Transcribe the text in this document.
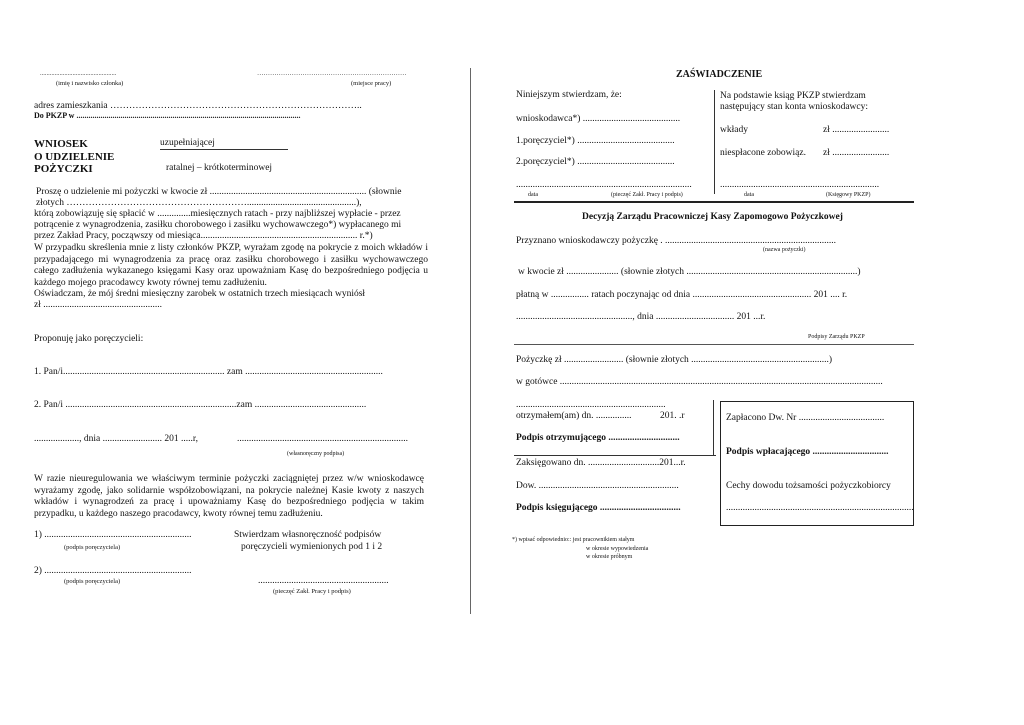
...............................................	……………………………………………………………
(imię i nazwisko członka)	(miejsce pracy)
adres zamieszkania ……………………………………………………………………..
Do PKZP w ................................................................................................................
WNIOSEK
O UDZIELENIE
POŻYCZKI
uzupełniającej
ratalnej – krótkoterminowej
Proszę o udzielenie mi pożyczki w kwocie zł .................................................................. (słownie
złotych …………………………………………………..............................................),
którą zobowiązuję się spłacić w ..............miesięcznych ratach - przy najbliższej wypłacie - przez
potrącenie z wynagrodzenia, zasiłku chorobowego i zasiłku wychowawczego*) wypłacanego mi
przez Zakład Pracy, począwszy od miesiąca.................................................................. r.*)
W przypadku skreślenia mnie z listy członków PKZP, wyrażam zgodę na pokrycie z moich wkładów i przypadającego mi wynagrodzenia za pracę oraz zasiłku chorobowego i zasiłku wychowawczego całego zadłużenia wykazanego księgami Kasy oraz upoważniam Kasę do bezpośredniego podjęcia u każdego mojego pracodawcy kwoty równej temu zadłużeniu.
Oświadczam, że mój średni miesięczny zarobek w ostatnich trzech miesiącach wyniósł
zł ..................................................
Proponuję jako poręczycieli:
1. Pan/i.................................................................... zam ..........................................................
2. Pan/i ........................................................................zam ...............................................
..................., dnia ......................... 201 .....r,	........................................................................
(własnoręczny podpisa)
W razie nieuregulowania we właściwym terminie pożyczki zaciągniętej przez w/w wnioskodawcę wyrażamy zgodę, jako solidarnie współzobowiązani, na pokrycie należnej Kasie kwoty z naszych wkładów i wynagrodzeń za pracę i upoważniamy Kasę do bezpośredniego podjęcia w takim przypadku, u każdego naszego pracodawcy, kwoty równej temu zadłużeniu.
1) ..............................................................
(podpis poręczyciela)
Stwierdzam własnoręczność podpisów
poręczycieli wymienionych pod 1 i 2
2) ..............................................................
(podpis poręczyciela)	.......................................................
(pieczęć Zakł. Pracy i podpis)
ZAŚWIADCZENIE
Niniejszym stwierdzam, że:
wnioskodawca*) .........................................
1.poręczyciel*) .........................................
2.poręczyciel*) .........................................
Na podstawie ksiąg PKZP stwierdzam
następujący stan konta wnioskodawcy:
wkłady	zł ........................
niespłacone zobowiąz. zł ........................
..........................................................................	...................................................................
data	(pieczęć Zakł. Pracy i podpis)	data	(Księgowy PKZP)
Decyzją Zarządu Pracowniczej Kasy Zapomogowo Pożyczkowej
Przyznano wnioskodawczy pożyczkę . ........................................................................
(nazwa pożyczki)
w kwocie zł ...................... (słownie złotych ........................................................................)
płatną w ................ ratach poczynając od dnia .................................................. 201 .... r.
................................................., dnia ................................. 201 ...r.
Podpisy Zarządu PKZP
Pożyczkę zł ......................... (słownie złotych ..........................................................)
w gotówce ........................................................................................................................................
...............................................................
otrzymałem(am) dn. ...............	201. .r
Podpis otrzymującego ..............................
Zaksięgowano dn. ..............................201...r.
Dow. ...........................................................
Podpis księgującego ..................................
Zapłacono Dw. Nr ....................................
Podpis wpłacającego ................................
Cechy dowodu tożsamości pożyczkobiorcy
...............................................................................
*) wpisać odpowiednio:: jest pracownikiem stałym
w okresie wypowiedzenia
w okresie próbnym
